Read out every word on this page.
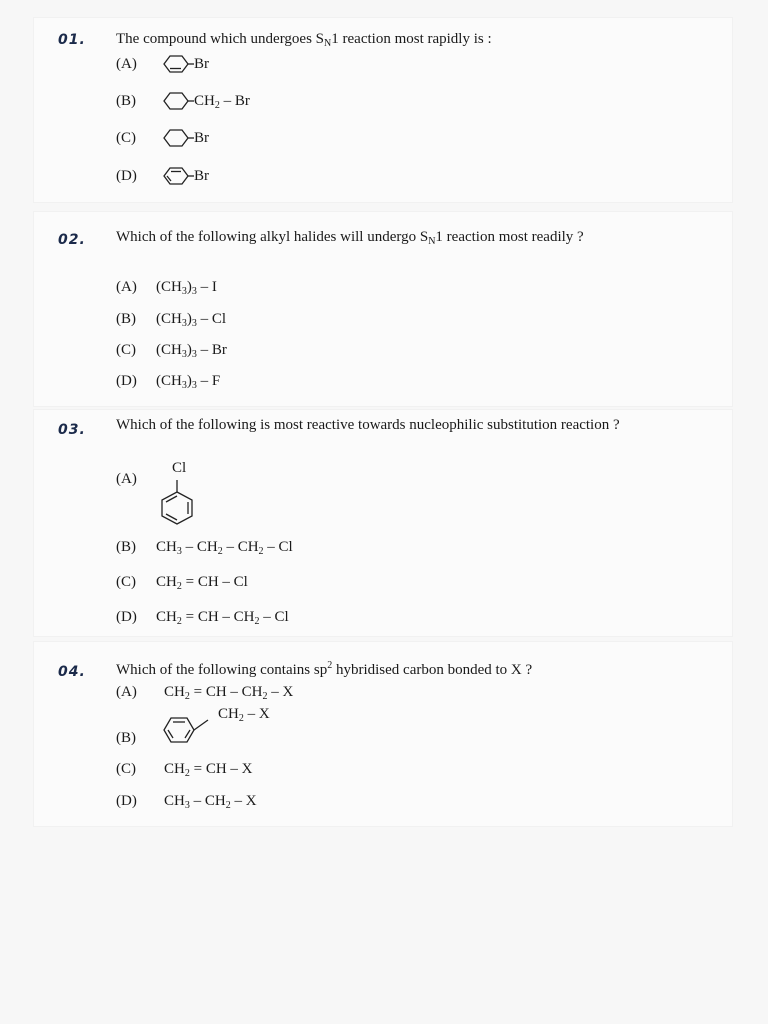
01. The compound which undergoes $S_N1$ reaction most rapidly is :
(A)	Br
(B)	$CH_2$ – Br
(C)	Br
(D)	Br
02. Which of the following alkyl halides will undergo $S_N1$ reaction most readily ?
(A)	$(CH_3)_3$ – I
(B)	$(CH_3)_3$ – Cl
(C)	$(CH_3)_3$ – Br
(D)	$(CH_3)_3$ – F
03. Which of the following is most reactive towards nucleophilic substitution reaction ?
(A)
Cl
(B)	$CH_3 - CH_2 - CH_2$ – Cl
(C)	$CH_2$ = CH – Cl
(D)	$CH_2$ = CH – $CH_2$ – Cl
04. Which of the following contains $sp^2$ hybridised carbon bonded to X ?
(A)	$CH_2$ = CH – $CH_2$ – X
$CH_2$ – X
(B)
(C)	$CH_2$ = CH – X
(D)	$CH_3 - CH_2$ – X
